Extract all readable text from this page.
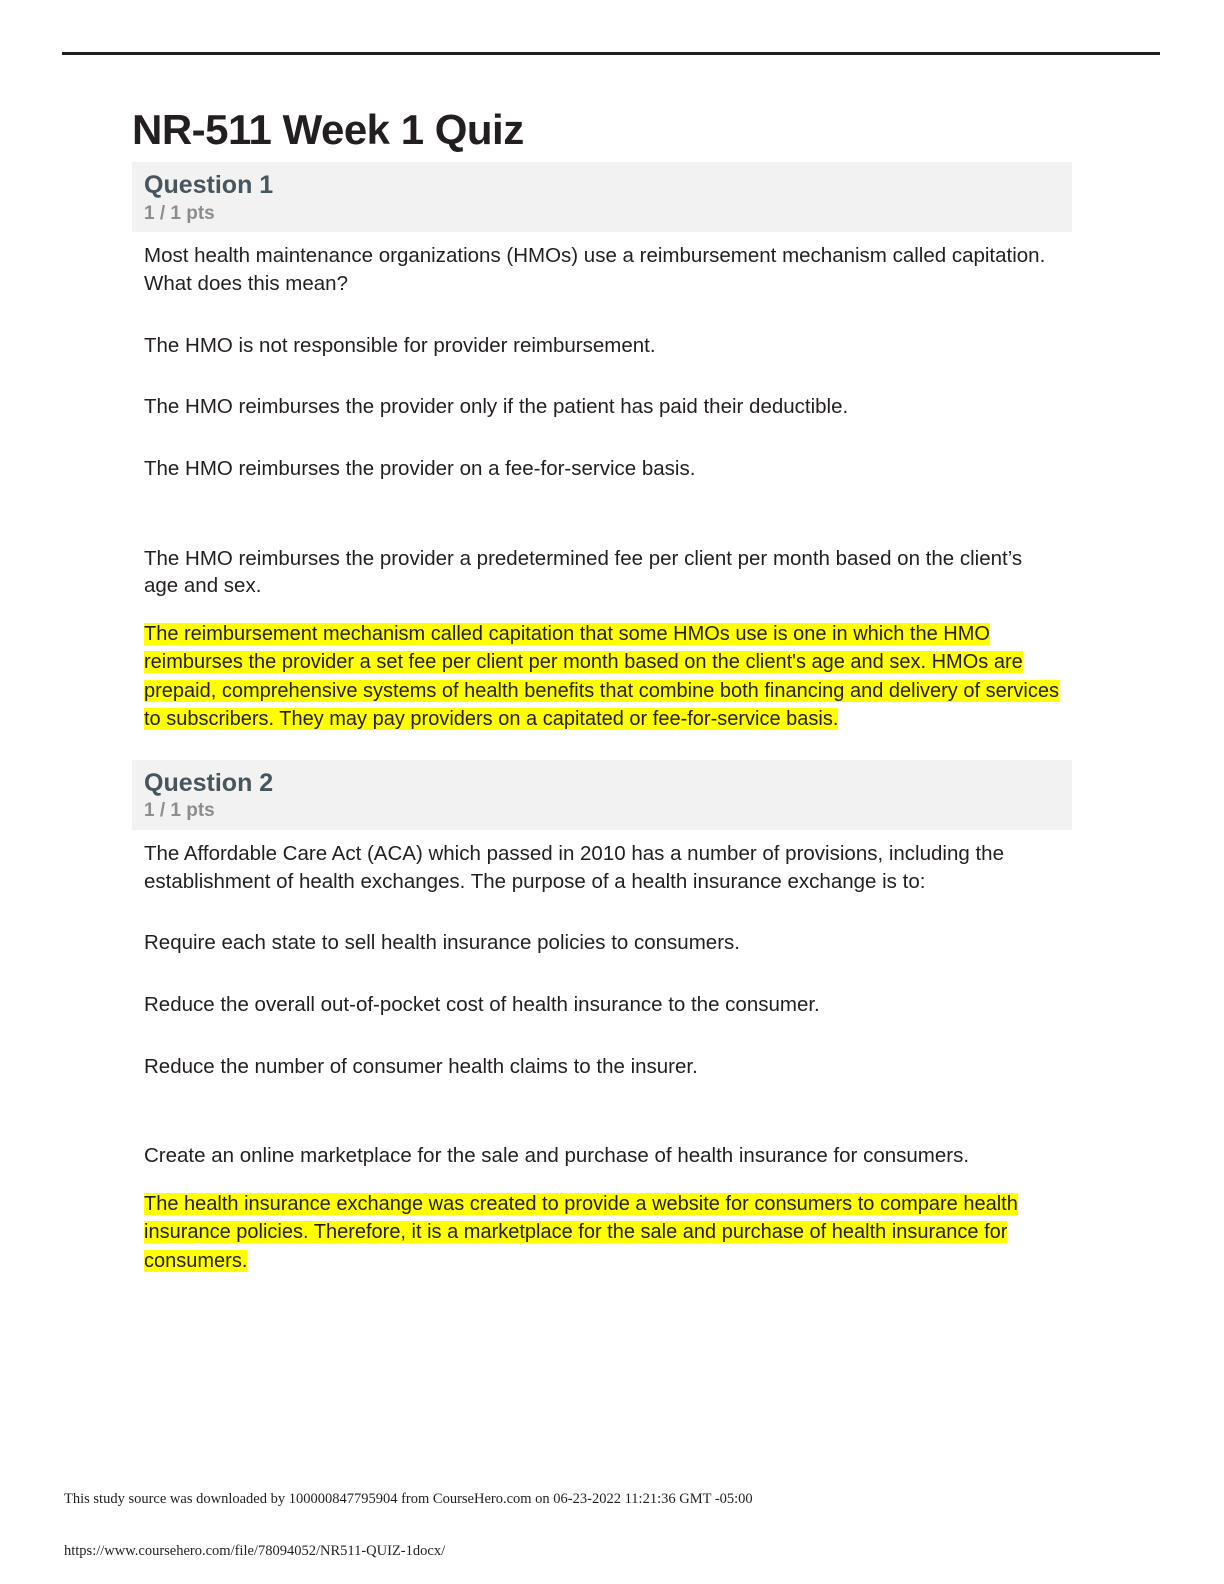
NR-511 Week 1 Quiz
Question 1
1 / 1 pts

Most health maintenance organizations (HMOs) use a reimbursement mechanism called capitation. What does this mean?

The HMO is not responsible for provider reimbursement.
The HMO reimburses the provider only if the patient has paid their deductible.
The HMO reimburses the provider on a fee-for-service basis.
The HMO reimburses the provider a predetermined fee per client per month based on the client’s age and sex.

The reimbursement mechanism called capitation that some HMOs use is one in which the HMO reimburses the provider a set fee per client per month based on the client's age and sex. HMOs are prepaid, comprehensive systems of health benefits that combine both financing and delivery of services to subscribers. They may pay providers on a capitated or fee-for-service basis.

Question 2
1 / 1 pts

The Affordable Care Act (ACA) which passed in 2010 has a number of provisions, including the establishment of health exchanges. The purpose of a health insurance exchange is to:

Require each state to sell health insurance policies to consumers.
Reduce the overall out-of-pocket cost of health insurance to the consumer.
Reduce the number of consumer health claims to the insurer.
Create an online marketplace for the sale and purchase of health insurance for consumers.

The health insurance exchange was created to provide a website for consumers to compare health insurance policies. Therefore, it is a marketplace for the sale and purchase of health insurance for consumers.

This study source was downloaded by 100000847795904 from CourseHero.com on 06-23-2022 11:21:36 GMT -05:00
https://www.coursehero.com/file/78094052/NR511-QUIZ-1docx/
